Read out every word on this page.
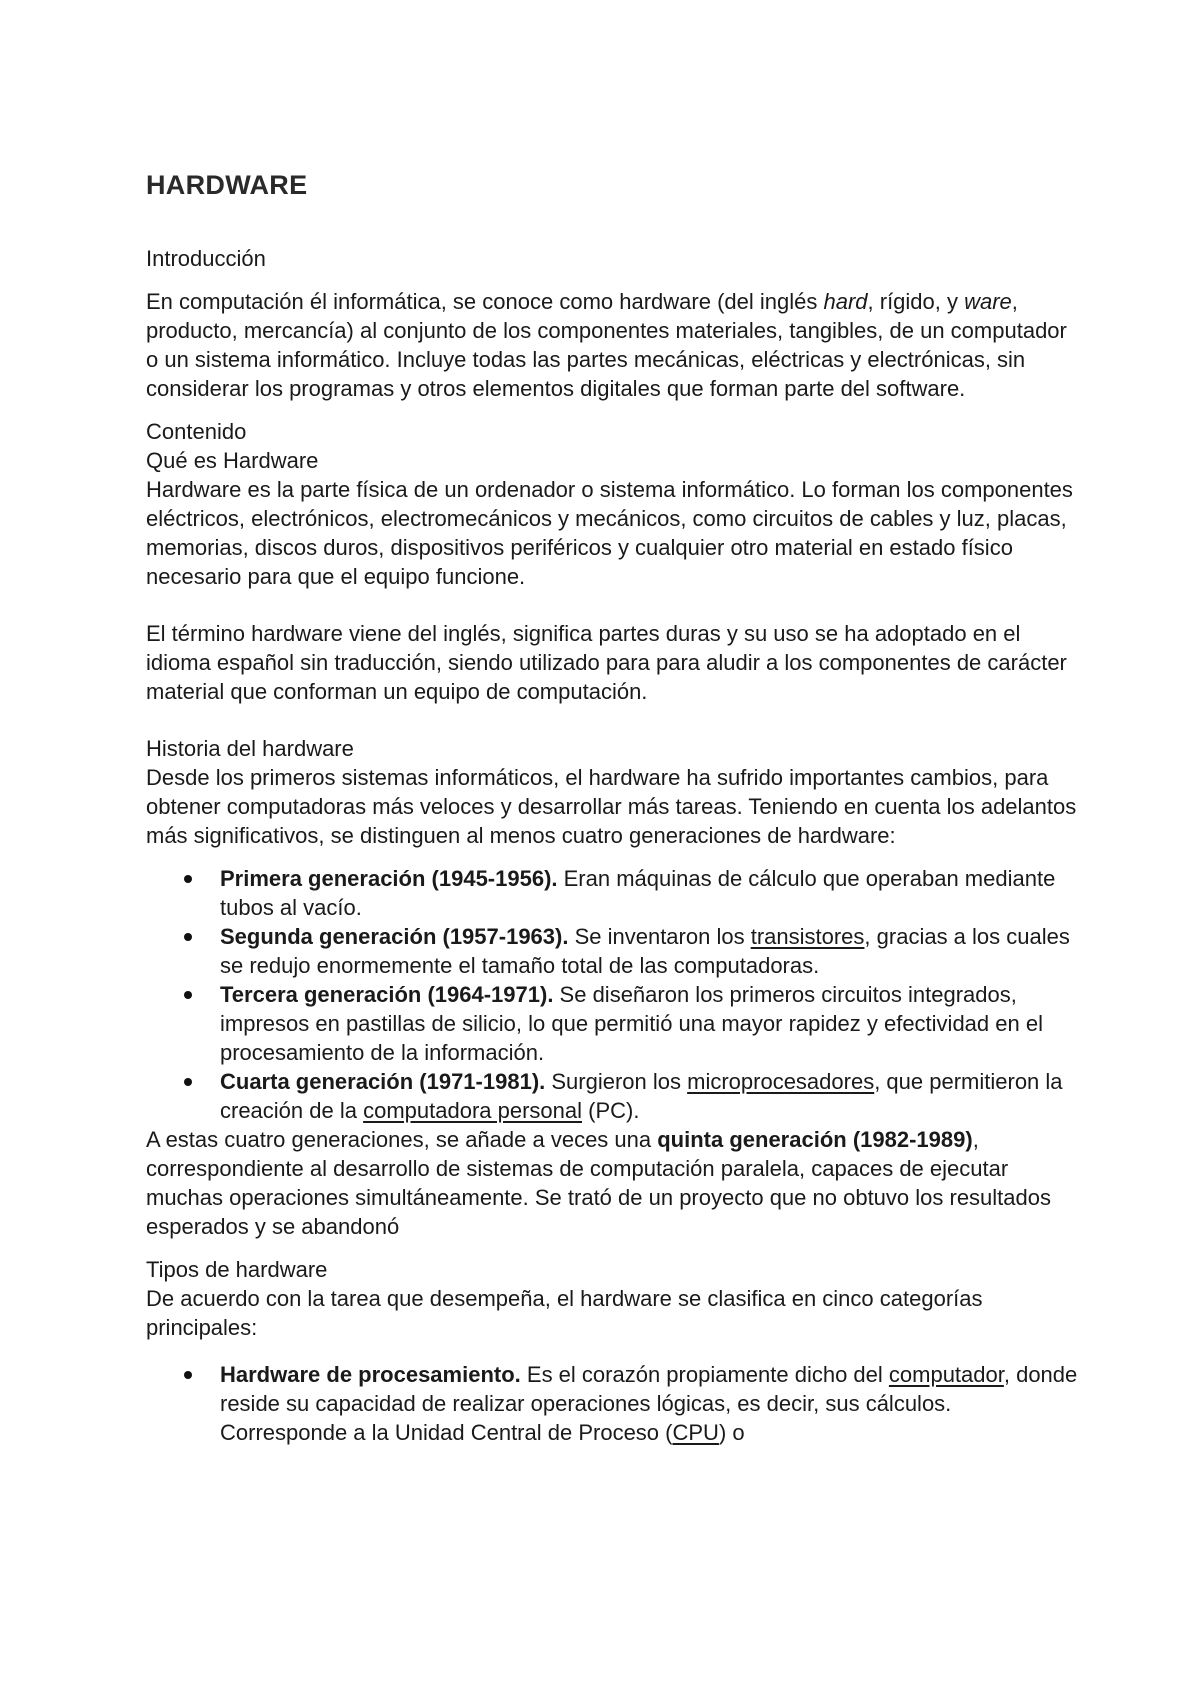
HARDWARE

Introducción

En computación él informática, se conoce como hardware (del inglés hard, rígido, y ware, producto, mercancía) al conjunto de los componentes materiales, tangibles, de un computador o un sistema informático. Incluye todas las partes mecánicas, eléctricas y electrónicas, sin considerar los programas y otros elementos digitales que forman parte del software.

Contenido

Qué es Hardware

Hardware es la parte física de un ordenador o sistema informático. Lo forman los componentes eléctricos, electrónicos, electromecánicos y mecánicos, como circuitos de cables y luz, placas, memorias, discos duros, dispositivos periféricos y cualquier otro material en estado físico necesario para que el equipo funcione.

El término hardware viene del inglés, significa partes duras y su uso se ha adoptado en el idioma español sin traducción, siendo utilizado para para aludir a los componentes de carácter material que conforman un equipo de computación.

Historia del hardware

Desde los primeros sistemas informáticos, el hardware ha sufrido importantes cambios, para obtener computadoras más veloces y desarrollar más tareas. Teniendo en cuenta los adelantos más significativos, se distinguen al menos cuatro generaciones de hardware:

Primera generación (1945-1956). Eran máquinas de cálculo que operaban mediante tubos al vacío.
Segunda generación (1957-1963). Se inventaron los transistores, gracias a los cuales se redujo enormemente el tamaño total de las computadoras.
Tercera generación (1964-1971). Se diseñaron los primeros circuitos integrados, impresos en pastillas de silicio, lo que permitió una mayor rapidez y efectividad en el procesamiento de la información.
Cuarta generación (1971-1981). Surgieron los microprocesadores, que permitieron la creación de la computadora personal (PC).

A estas cuatro generaciones, se añade a veces una quinta generación (1982-1989), correspondiente al desarrollo de sistemas de computación paralela, capaces de ejecutar muchas operaciones simultáneamente. Se trató de un proyecto que no obtuvo los resultados esperados y se abandonó

Tipos de hardware

De acuerdo con la tarea que desempeña, el hardware se clasifica en cinco categorías principales:

Hardware de procesamiento. Es el corazón propiamente dicho del computador, donde reside su capacidad de realizar operaciones lógicas, es decir, sus cálculos. Corresponde a la Unidad Central de Proceso (CPU) o
